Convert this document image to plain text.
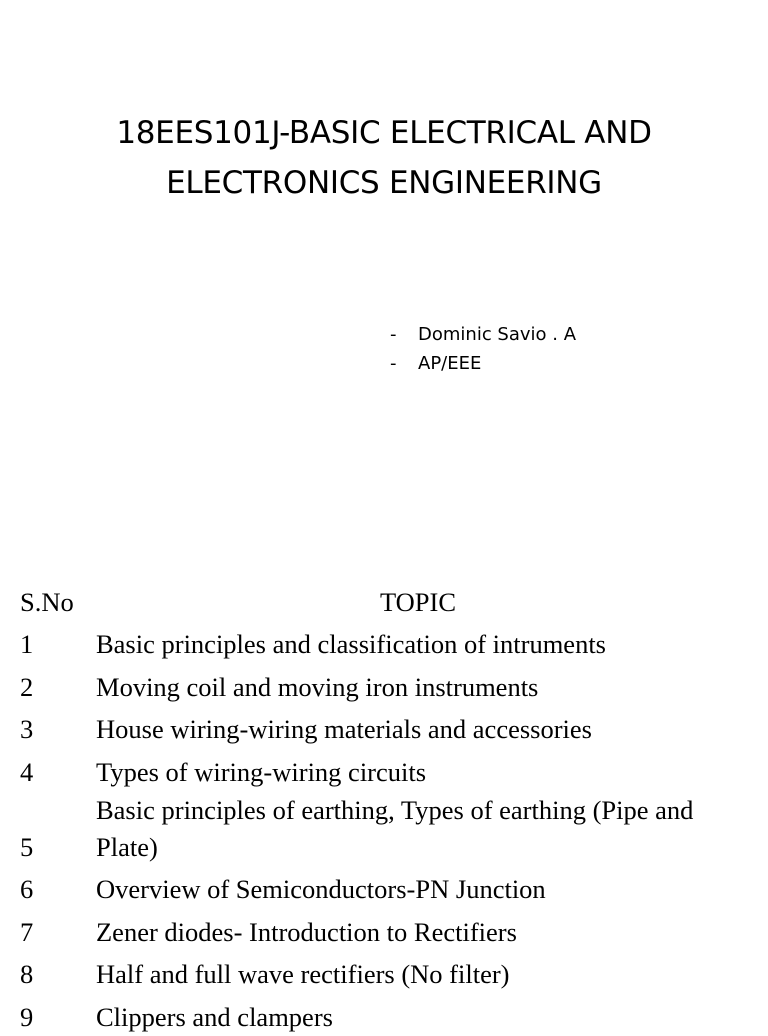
18EES101J-BASIC ELECTRICAL AND
ELECTRONICS ENGINEERING
- Dominic Savio . A
- AP/EEE
S.No	TOPIC
1	Basic principles and classification of intruments
2	Moving coil and moving iron instruments
3	House wiring-wiring materials and accessories
4	Types of wiring-wiring circuits
5	Basic principles of earthing, Types of earthing (Pipe and Plate)
6	Overview of Semiconductors-PN Junction
7	Zener diodes- Introduction to Rectifiers
8	Half and full wave rectifiers (No filter)
9	Clippers and clampers
